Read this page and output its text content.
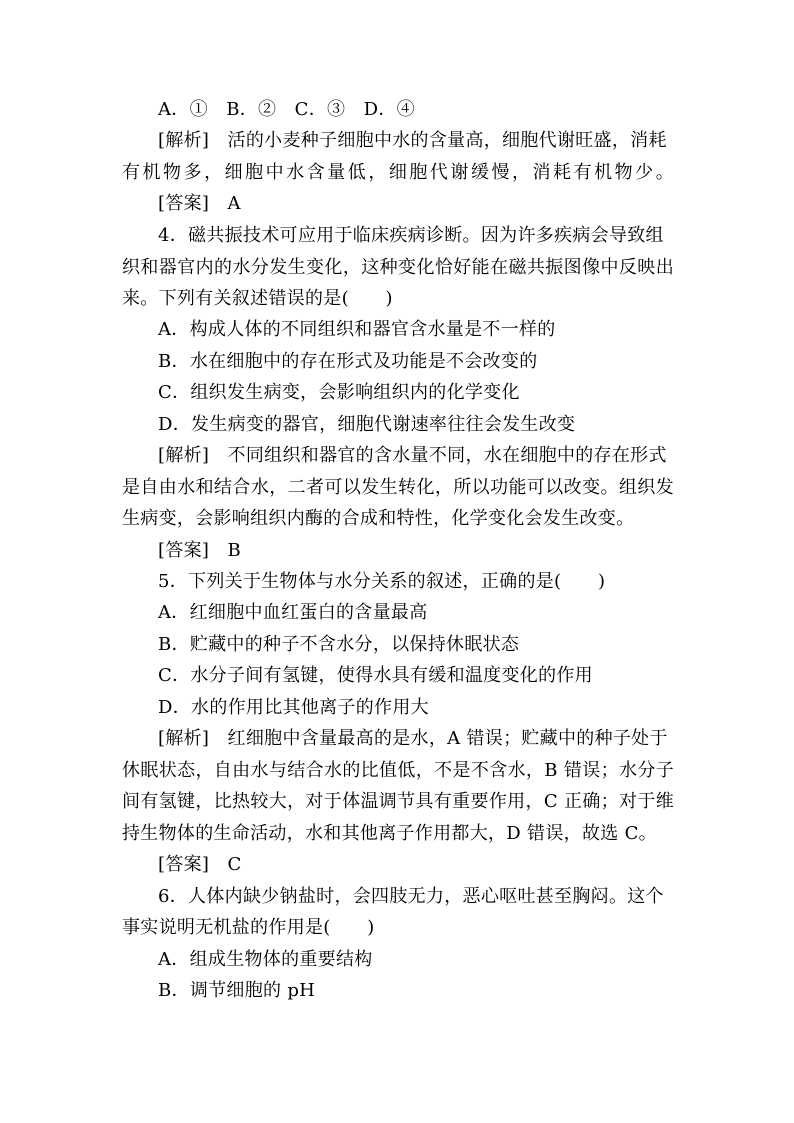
A．①　B．②　C．③　D．④
[解析]　活的小麦种子细胞中水的含量高，细胞代谢旺盛，消耗
有机物多，细胞中水含量低，细胞代谢缓慢，消耗有机物少。
[答案]　A
4．磁共振技术可应用于临床疾病诊断。因为许多疾病会导致组
织和器官内的水分发生变化，这种变化恰好能在磁共振图像中反映出
来。下列有关叙述错误的是(　　)
A．构成人体的不同组织和器官含水量是不一样的
B．水在细胞中的存在形式及功能是不会改变的
C．组织发生病变，会影响组织内的化学变化
D．发生病变的器官，细胞代谢速率往往会发生改变
[解析]　不同组织和器官的含水量不同，水在细胞中的存在形式
是自由水和结合水，二者可以发生转化，所以功能可以改变。组织发
生病变，会影响组织内酶的合成和特性，化学变化会发生改变。
[答案]　B
5．下列关于生物体与水分关系的叙述，正确的是(　　)
A．红细胞中血红蛋白的含量最高
B．贮藏中的种子不含水分，以保持休眠状态
C．水分子间有氢键，使得水具有缓和温度变化的作用
D．水的作用比其他离子的作用大
[解析]　红细胞中含量最高的是水，A 错误；贮藏中的种子处于
休眠状态，自由水与结合水的比值低，不是不含水，B 错误；水分子
间有氢键，比热较大，对于体温调节具有重要作用，C 正确；对于维
持生物体的生命活动，水和其他离子作用都大，D 错误，故选 C。
[答案]　C
6．人体内缺少钠盐时，会四肢无力，恶心呕吐甚至胸闷。这个
事实说明无机盐的作用是(　　)
A．组成生物体的重要结构
B．调节细胞的 pH
